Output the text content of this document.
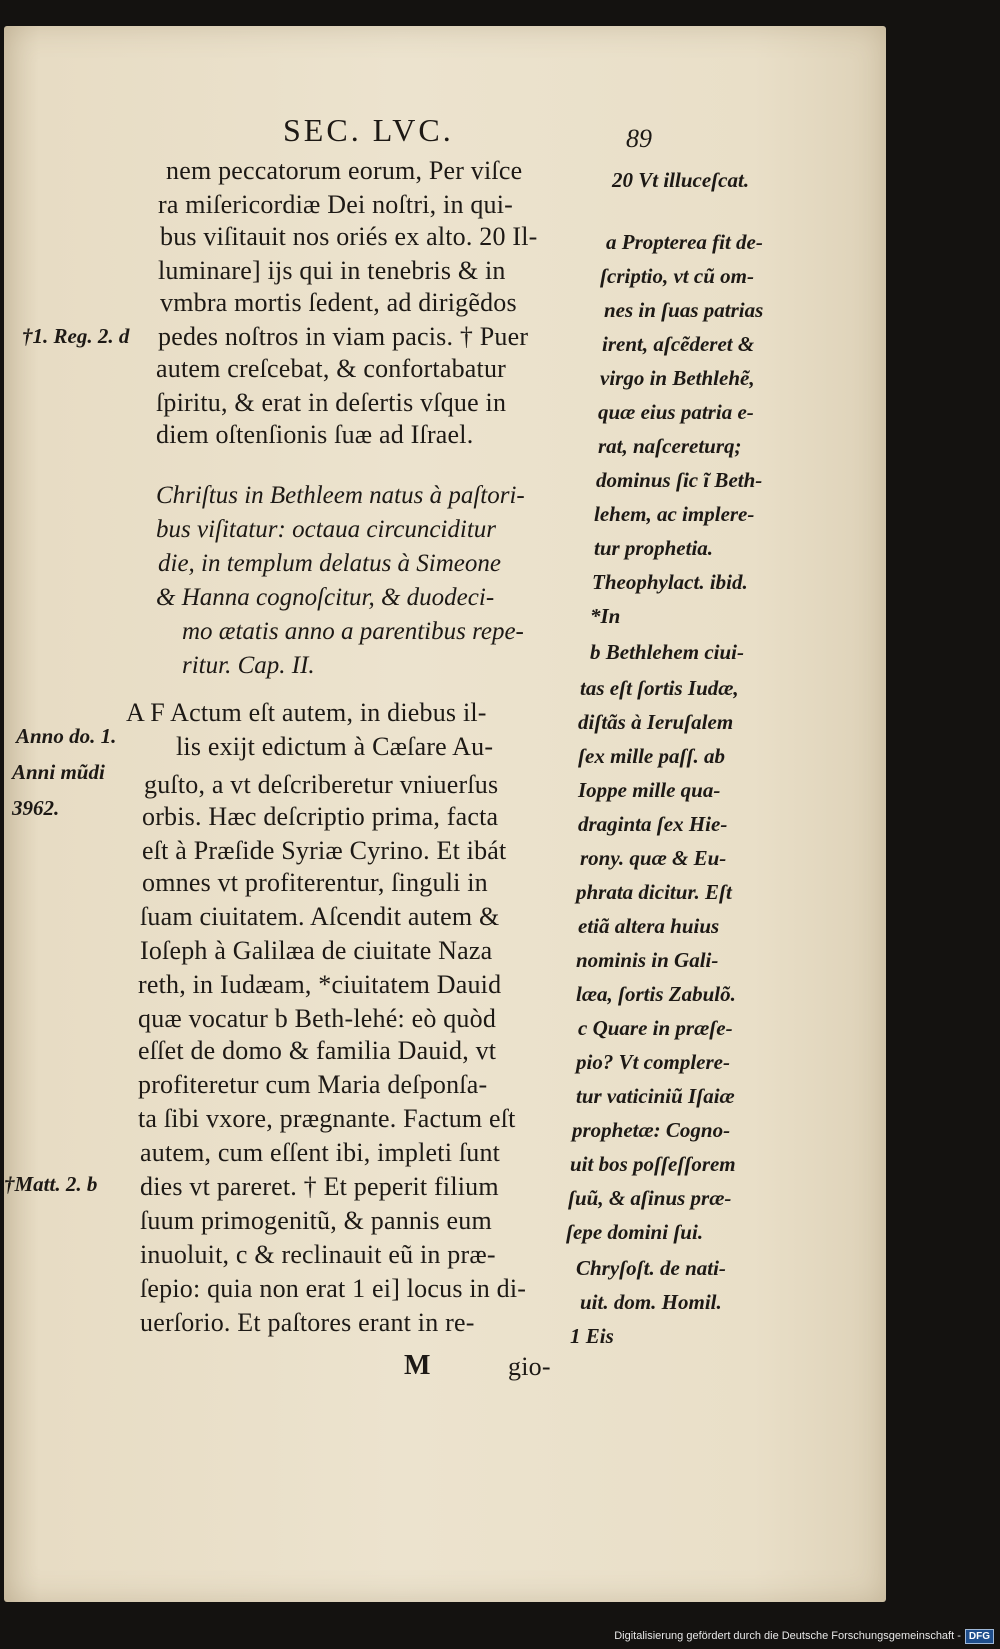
SEC. LVC.	89
nem peccatorum eorum, Per viſce
ra miſericordiæ Dei noſtri, in qui-
bus viſitauit nos oriés ex alto. 20 Il-
luminare] ijs qui in tenebris & in
vmbra mortis ſedent, ad dirigẽdos
pedes noſtros in viam pacis. † Puer
autem creſcebat, & confortabatur
ſpiritu, & erat in deſertis vſque in
diem oſtenſionis ſuæ ad Iſrael.
Chriſtus in Bethleem natus à paſtori-
bus viſitatur: octaua circunciditur
die, in templum delatus à Simeone
& Hanna cognoſcitur, & duodeci-
mo ætatis anno a parentibus repe-
ritur. Cap. II.
A F Actum eſt autem, in diebus il-
lis exijt edictum à Cæſare Au-
guſto, a vt deſcriberetur vniuerſus
orbis. Hæc deſcriptio prima, facta
eſt à Præſide Syriæ Cyrino. Et ibát
omnes vt profiterentur, ſinguli in
ſuam ciuitatem. Aſcendit autem &
Ioſeph à Galilæa de ciuitate Naza
reth, in Iudæam, *ciuitatem Dauid
quæ vocatur b Beth-lehé: eò quòd
eſſet de domo & familia Dauid, vt
profiteretur cum Maria deſponſa-
ta ſibi vxore, prægnante. Factum eſt
autem, cum eſſent ibi, impleti ſunt
dies vt pareret. † Et peperit filium
ſuum primogenitũ, & pannis eum
inuoluit, c & reclinauit eũ in præ-
ſepio: quia non erat 1 ei] locus in di-
uerſorio. Et paſtores erant in re-
M	gio-
20 Vt illuceſcat.
a Propterea fit de-
ſcriptio, vt cũ om-
nes in ſuas patrias
irent, aſcẽderet &
virgo in Bethlehẽ,
quæ eius patria e-
rat, naſcereturq;
dominus ſic ĩ Beth-
lehem, ac implere-
tur prophetia.
Theophylact. ibid.
*In
b Bethlehem ciui-
tas eſt ſortis Iudæ,
diſtãs à Ieruſalem
ſex mille paſſ. ab
Ioppe mille qua-
draginta ſex Hie-
rony. quæ & Eu-
phrata dicitur. Eſt
etiã altera huius
nominis in Gali-
læa, ſortis Zabulõ.
c Quare in præſe-
pio? Vt complere-
tur vaticiniũ Iſaiæ
prophetæ: Cogno-
uit bos poſſeſſorem
ſuũ, & aſinus præ-
ſepe domini ſui.
Chryſoſt. de nati-
uit. dom. Homil.
1 Eis
†1. Reg. 2. d
Anno do. 1.
Anni mũdi
3962.
†Matt. 2. b
Digitalisierung gefördert durch die Deutsche Forschungsgemeinschaft - DFG
